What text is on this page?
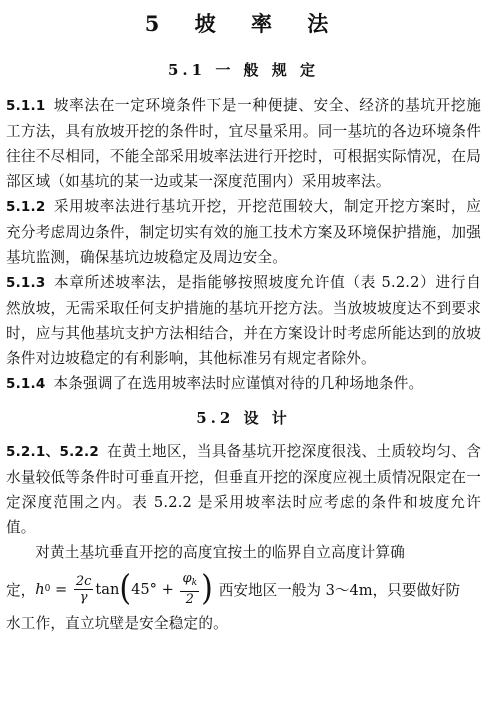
5 坡 率 法
5.1 一 般 规 定

5.1.1 坡率法在一定环境条件下是一种便捷、安全、经济的基坑开挖施工方法，具有放坡开挖的条件时，宜尽量采用。同一基坑的各边环境条件往往不尽相同，不能全部采用坡率法进行开挖时，可根据实际情况，在局部区域（如基坑的某一边或某一深度范围内）采用坡率法。

5.1.2 采用坡率法进行基坑开挖，开挖范围较大，制定开挖方案时，应充分考虑周边条件，制定切实有效的施工技术方案及环境保护措施，加强基坑监测，确保基坑边坡稳定及周边安全。

5.1.3 本章所述坡率法，是指能够按照坡度允许值（表 5.2.2）进行自然放坡，无需采取任何支护措施的基坑开挖方法。当放坡坡度达不到要求时，应与其他基坑支护方法相结合，并在方案设计时考虑所能达到的放坡条件对边坡稳定的有利影响，其他标准另有规定者除外。

5.1.4 本条强调了在选用坡率法时应谨慎对待的几种场地条件。

5.2 设 计

5.2.1、5.2.2 在黄土地区，当具备基坑开挖深度很浅、土质较均匀、含水量较低等条件时可垂直开挖，但垂直开挖的深度应视土质情况限定在一定深度范围之内。表 5.2.2 是采用坡率法时应考虑的条件和坡度允许值。

对黄土基坑垂直开挖的高度宜按土的临界自立高度计算确

定， h $0 = \frac{2c}{\gamma}$ tan ( $45^\circ + \frac{\varphi_k}{2}$ ) 西安地区一般为 3～4m，只要做好防

水工作，直立坑壁是安全稳定的。
